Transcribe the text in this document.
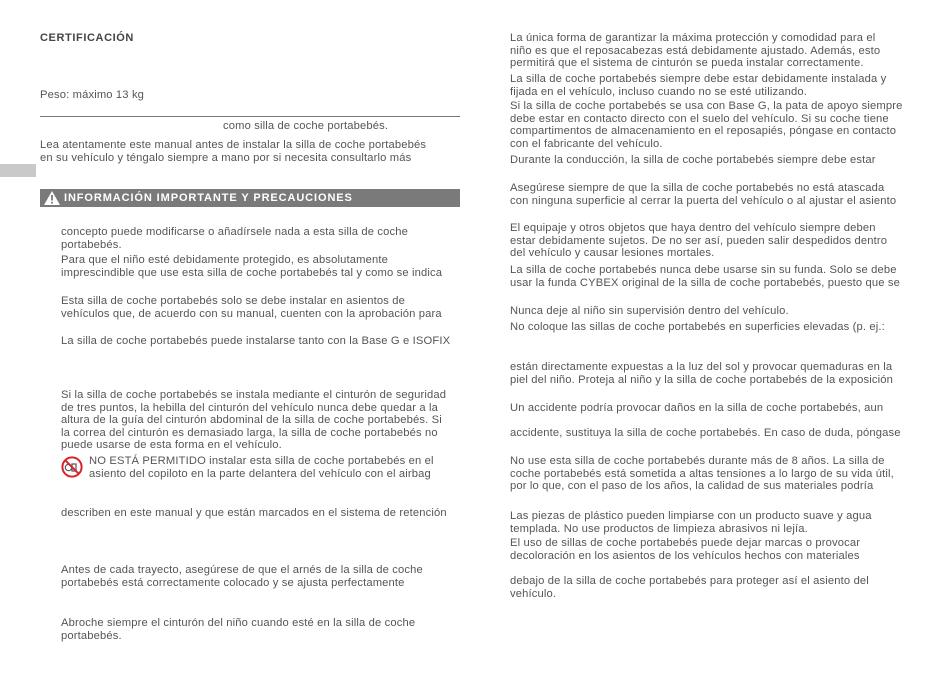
CERTIFICACIÓN
Peso: máximo 13 kg
como silla de coche portabebés.
Lea atentamente este manual antes de instalar la silla de coche portabebés
en su vehículo y téngalo siempre a mano por si necesita consultarlo más
INFORMACIÓN IMPORTANTE Y PRECAUCIONES
concepto puede modificarse o añadírsele nada a esta silla de coche
portabebés.
Para que el niño esté debidamente protegido, es absolutamente
imprescindible que use esta silla de coche portabebés tal y como se indica
Esta silla de coche portabebés solo se debe instalar en asientos de
vehículos que, de acuerdo con su manual, cuenten con la aprobación para
La silla de coche portabebés puede instalarse tanto con la Base G e ISOFIX
Si la silla de coche portabebés se instala mediante el cinturón de seguridad
de tres puntos, la hebilla del cinturón del vehículo nunca debe quedar a la
altura de la guía del cinturón abdominal de la silla de coche portabebés. Si
la correa del cinturón es demasiado larga, la silla de coche portabebés no
puede usarse de esta forma en el vehículo.
NO ESTÁ PERMITIDO instalar esta silla de coche portabebés en el
asiento del copiloto en la parte delantera del vehículo con el airbag
describen en este manual y que están marcados en el sistema de retención
Antes de cada trayecto, asegúrese de que el arnés de la silla de coche
portabebés está correctamente colocado y se ajusta perfectamente
Abroche siempre el cinturón del niño cuando esté en la silla de coche
portabebés.
La única forma de garantizar la máxima protección y comodidad para el
niño es que el reposacabezas está debidamente ajustado. Además, esto
permitirá que el sistema de cinturón se pueda instalar correctamente.
La silla de coche portabebés siempre debe estar debidamente instalada y
fijada en el vehículo, incluso cuando no se esté utilizando.
Si la silla de coche portabebés se usa con Base G, la pata de apoyo siempre
debe estar en contacto directo con el suelo del vehículo. Si su coche tiene
compartimentos de almacenamiento en el reposapiés, póngase en contacto
con el fabricante del vehículo.
Durante la conducción, la silla de coche portabebés siempre debe estar
Asegúrese siempre de que la silla de coche portabebés no está atascada
con ninguna superficie al cerrar la puerta del vehículo o al ajustar el asiento
El equipaje y otros objetos que haya dentro del vehículo siempre deben
estar debidamente sujetos. De no ser así, pueden salir despedidos dentro
del vehículo y causar lesiones mortales.
La silla de coche portabebés nunca debe usarse sin su funda. Solo se debe
usar la funda CYBEX original de la silla de coche portabebés, puesto que se
Nunca deje al niño sin supervisión dentro del vehículo.
No coloque las sillas de coche portabebés en superficies elevadas (p. ej.:
están directamente expuestas a la luz del sol y provocar quemaduras en la
piel del niño. Proteja al niño y la silla de coche portabebés de la exposición
Un accidente podría provocar daños en la silla de coche portabebés, aun
accidente, sustituya la silla de coche portabebés. En caso de duda, póngase
No use esta silla de coche portabebés durante más de 8 años. La silla de
coche portabebés está sometida a altas tensiones a lo largo de su vida útil,
por lo que, con el paso de los años, la calidad de sus materiales podría
Las piezas de plástico pueden limpiarse con un producto suave y agua
templada. No use productos de limpieza abrasivos ni lejía.
El uso de sillas de coche portabebés puede dejar marcas o provocar
decoloración en los asientos de los vehículos hechos con materiales
debajo de la silla de coche portabebés para proteger así el asiento del
vehículo.
